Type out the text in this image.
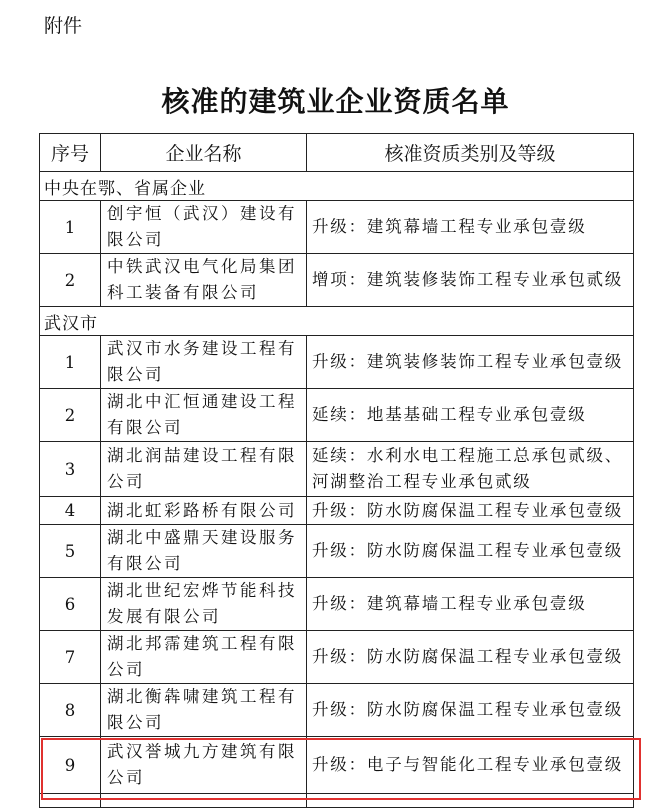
附件
核准的建筑业企业资质名单
序号	企业名称	核准资质类别及等级
中央在鄂、省属企业		
1	创宇恒（武汉）建设有限公司	升级：建筑幕墙工程专业承包壹级
2	中铁武汉电气化局集团科工装备有限公司	增项：建筑装修装饰工程专业承包贰级
武汉市		
1	武汉市水务建设工程有限公司	升级：建筑装修装饰工程专业承包壹级
2	湖北中汇恒通建设工程有限公司	延续：地基基础工程专业承包壹级
3	湖北润喆建设工程有限公司	延续：水利水电工程施工总承包贰级、河湖整治工程专业承包贰级
4	湖北虹彩路桥有限公司	升级：防水防腐保温工程专业承包壹级
5	湖北中盛鼎天建设服务有限公司	升级：防水防腐保温工程专业承包壹级
6	湖北世纪宏烨节能科技发展有限公司	升级：建筑幕墙工程专业承包壹级
7	湖北邦霈建筑工程有限公司	升级：防水防腐保温工程专业承包壹级
8	湖北衡犇啸建筑工程有限公司	升级：防水防腐保温工程专业承包壹级
9	武汉誉城九方建筑有限公司	升级：电子与智能化工程专业承包壹级
